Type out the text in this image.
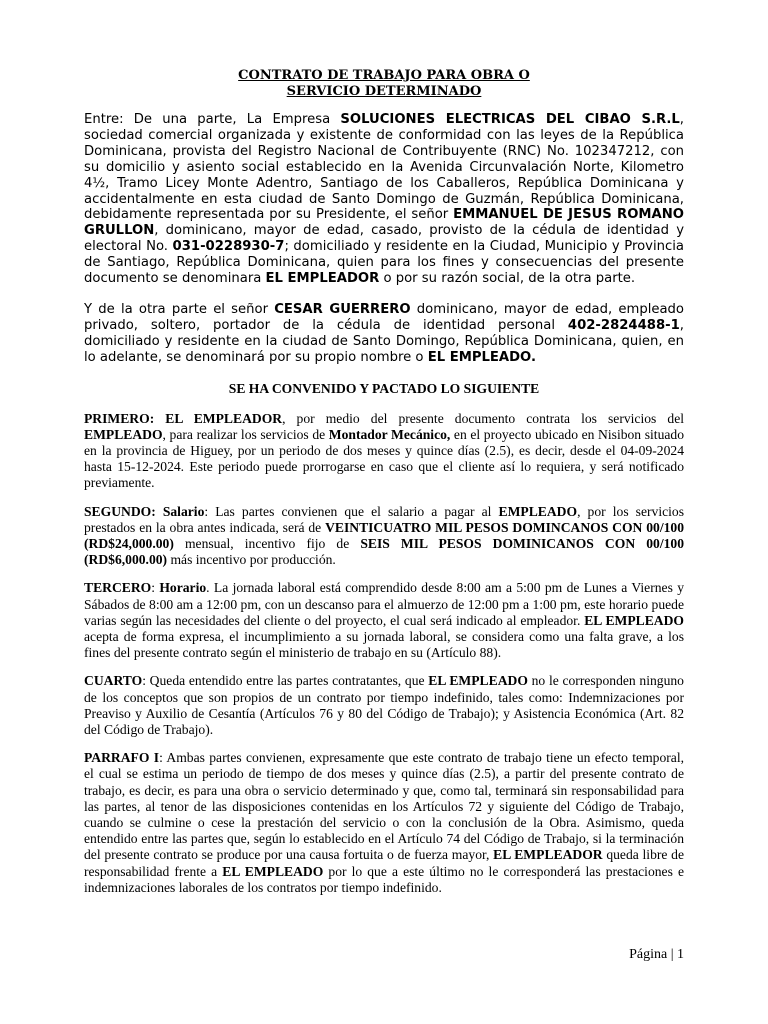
CONTRATO DE TRABAJO PARA OBRA O
SERVICIO DETERMINADO

Entre: De una parte, La Empresa SOLUCIONES ELECTRICAS DEL CIBAO S.R.L, sociedad comercial organizada y existente de conformidad con las leyes de la República Dominicana, provista del Registro Nacional de Contribuyente (RNC) No. 102347212, con su domicilio y asiento social establecido en la Avenida Circunvalación Norte, Kilometro 4½, Tramo Licey Monte Adentro, Santiago de los Caballeros, República Dominicana y accidentalmente en esta ciudad de Santo Domingo de Guzmán, República Dominicana, debidamente representada por su Presidente, el señor EMMANUEL DE JESUS ROMANO GRULLON, dominicano, mayor de edad, casado, provisto de la cédula de identidad y electoral No. 031-0228930-7; domiciliado y residente en la Ciudad, Municipio y Provincia de Santiago, República Dominicana, quien para los fines y consecuencias del presente documento se denominara EL EMPLEADOR o por su razón social, de la otra parte.

Y de la otra parte el señor CESAR GUERRERO dominicano, mayor de edad, empleado privado, soltero, portador de la cédula de identidad personal 402-2824488-1, domiciliado y residente en la ciudad de Santo Domingo, República Dominicana, quien, en lo adelante, se denominará por su propio nombre o EL EMPLEADO.

SE HA CONVENIDO Y PACTADO LO SIGUIENTE

PRIMERO: EL EMPLEADOR, por medio del presente documento contrata los servicios del EMPLEADO, para realizar los servicios de Montador Mecánico, en el proyecto ubicado en Nisibon situado en la provincia de Higuey, por un periodo de dos meses y quince días (2.5), es decir, desde el 04-09-2024 hasta 15-12-2024. Este periodo puede prorrogarse en caso que el cliente así lo requiera, y será notificado previamente.

SEGUNDO: Salario: Las partes convienen que el salario a pagar al EMPLEADO, por los servicios prestados en la obra antes indicada, será de VEINTICUATRO MIL PESOS DOMINCANOS CON 00/100 (RD$24,000.00) mensual, incentivo fijo de SEIS MIL PESOS DOMINICANOS CON 00/100 (RD$6,000.00) más incentivo por producción.

TERCERO: Horario. La jornada laboral está comprendido desde 8:00 am a 5:00 pm de Lunes a Viernes y Sábados de 8:00 am a 12:00 pm, con un descanso para el almuerzo de 12:00 pm a 1:00 pm, este horario puede varias según las necesidades del cliente o del proyecto, el cual será indicado al empleador. EL EMPLEADO acepta de forma expresa, el incumplimiento a su jornada laboral, se considera como una falta grave, a los fines del presente contrato según el ministerio de trabajo en su (Artículo 88).

CUARTO: Queda entendido entre las partes contratantes, que EL EMPLEADO no le corresponden ninguno de los conceptos que son propios de un contrato por tiempo indefinido, tales como: Indemnizaciones por Preaviso y Auxilio de Cesantía (Artículos 76 y 80 del Código de Trabajo); y Asistencia Económica (Art. 82 del Código de Trabajo).

PARRAFO I: Ambas partes convienen, expresamente que este contrato de trabajo tiene un efecto temporal, el cual se estima un periodo de tiempo de dos meses y quince días (2.5), a partir del presente contrato de trabajo, es decir, es para una obra o servicio determinado y que, como tal, terminará sin responsabilidad para las partes, al tenor de las disposiciones contenidas en los Artículos 72 y siguiente del Código de Trabajo, cuando se culmine o cese la prestación del servicio o con la conclusión de la Obra. Asimismo, queda entendido entre las partes que, según lo establecido en el Artículo 74 del Código de Trabajo, si la terminación del presente contrato se produce por una causa fortuita o de fuerza mayor, EL EMPLEADOR queda libre de responsabilidad frente a EL EMPLEADO por lo que a este último no le corresponderá las prestaciones e indemnizaciones laborales de los contratos por tiempo indefinido.

Página | 1
